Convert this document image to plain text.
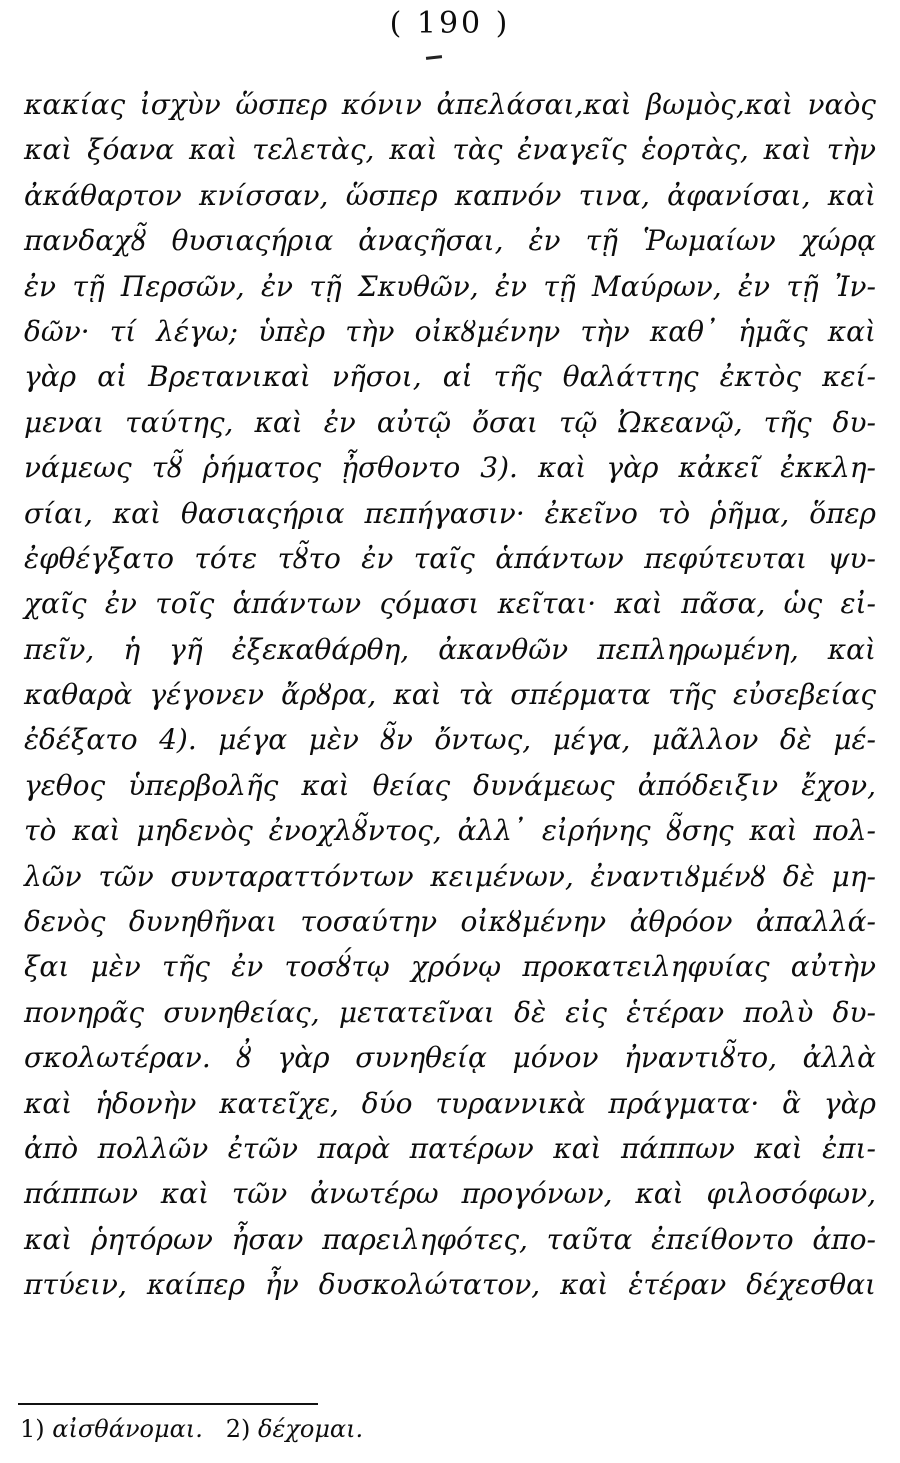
( 190 )
κακίας ἰσχὺν ὥσπερ κόνιν ἀπελάσαι,καὶ βωμὸς,καὶ ναὸς
καὶ ξόανα καὶ τελετὰς, καὶ τὰς ἐναγεῖς ἑορτὰς, καὶ τὴν
ἀκάθαρτον κνίσσαν, ὥσπερ καπνόν τινα, ἀφανίσαι, καὶ
πανδαχȣ̃ θυσιαςήρια ἀναςῆσαι, ἐν τῇ Ῥωμαίων χώρᾳ
ἐν τῇ Περσῶν, ἐν τῇ Σκυθῶν, ἐν τῇ Μαύρων, ἐν τῇ Ἰν-
δῶν· τί λέγω; ὑπὲρ τὴν οἰκȣμένην τὴν καθ᾽ ἡμᾶς καὶ
γὰρ αἱ Βρετανικαὶ νῆσοι, αἱ τῆς θαλάττης ἐκτὸς κεί-
μεναι ταύτης, καὶ ἐν αὐτῷ ὄσαι τῷ Ὠκεανῷ, τῆς δυ-
νάμεως τȣ̃ ῥήματος ᾖσθοντο 3). καὶ γὰρ κἀκεῖ ἐκκλη-
σίαι, καὶ θασιαςήρια πεπήγασιν· ἐκεῖνο τὸ ῥῆμα, ὅπερ
ἐφθέγξατο τότε τȣ̃το ἐν ταῖς ἁπάντων πεφύτευται ψυ-
χαῖς ἐν τοῖς ἁπάντων ςόμασι κεῖται· καὶ πᾶσα, ὡς εἰ-
πεῖν, ἡ γῆ ἐξεκαθάρθη, ἀκανθῶν πεπληρωμένη, καὶ
καθαρὰ γέγονεν ἄρȣρα, καὶ τὰ σπέρματα τῆς εὐσεβείας
ἐδέξατο 4). μέγα μὲν ȣ̃ν ὄντως, μέγα, μᾶλλον δὲ μέ-
γεθος ὑπερβολῆς καὶ θείας δυνάμεως ἀπόδειξιν ἔχον,
τὸ καὶ μηδενὸς ἐνοχλȣ̃ντος, ἀλλ᾽ εἰρήνης ȣ̃σης καὶ πολ-
λῶν τῶν συνταραττόντων κειμένων, ἐναντιȣμένȣ δὲ μη-
δενὸς δυνηθῆναι τοσαύτην οἰκȣμένην ἀθρόον ἀπαλλά-
ξαι μὲν τῆς ἐν τοσȣ́τῳ χρόνῳ προκατειληφυίας αὐτὴν
πονηρᾶς συνηθείας, μετατεῖναι δὲ εἰς ἑτέραν πολὺ δυ-
σκολωτέραν. ȣ̓ γὰρ συνηθείᾳ μόνον ἠναντιȣ̃το, ἀλλὰ
καὶ ἡδονὴν κατεῖχε, δύο τυραννικὰ πράγματα· ἃ γὰρ
ἀπὸ πολλῶν ἐτῶν παρὰ πατέρων καὶ πάππων καὶ ἐπι-
πάππων καὶ τῶν ἀνωτέρω προγόνων, καὶ φιλοσόφων,
καὶ ῥητόρων ἦσαν παρειληφότες, ταῦτα ἐπείθοντο ἀπο-
πτύειν, καίπερ ἦν δυσκολώτατον, καὶ ἑτέραν δέχεσθαι
1) αἰσθάνομαι. 2) δέχομαι.
